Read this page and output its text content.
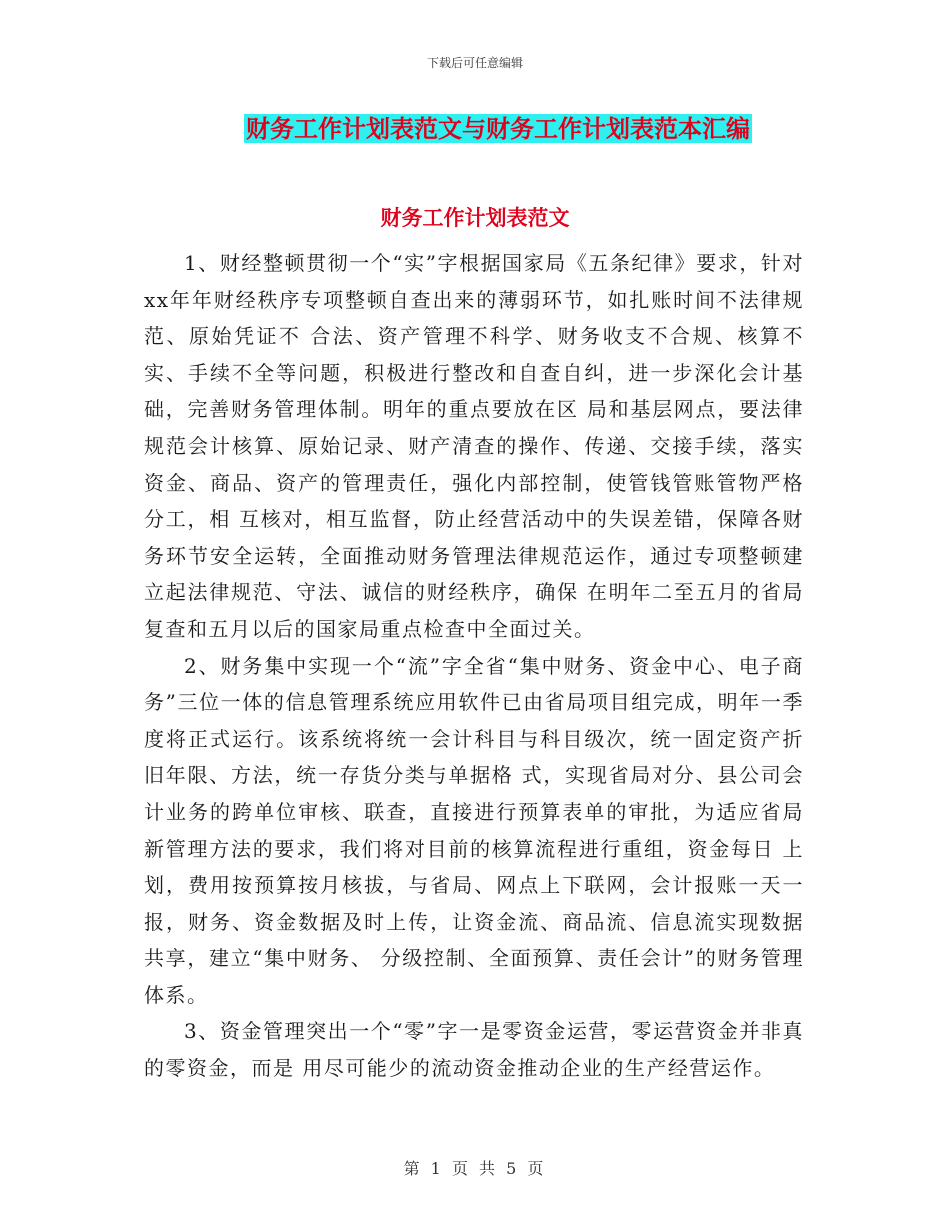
下载后可任意编辑
财务工作计划表范文与财务工作计划表范本汇编
财务工作计划表范文

1、财经整顿贯彻一个“实”字根据国家局《五条纪律》要求，针对xx年年财经秩序专项整顿自查出来的薄弱环节，如扎账时间不法律规范、原始凭证不 合法、资产管理不科学、财务收支不合规、核算不实、手续不全等问题，积极进行整改和自查自纠，进一步深化会计基础，完善财务管理体制。明年的重点要放在区 局和基层网点，要法律规范会计核算、原始记录、财产清查的操作、传递、交接手续，落实资金、商品、资产的管理责任，强化内部控制，使管钱管账管物严格分工，相 互核对，相互监督，防止经营活动中的失误差错，保障各财务环节安全运转，全面推动财务管理法律规范运作，通过专项整顿建立起法律规范、守法、诚信的财经秩序，确保 在明年二至五月的省局复查和五月以后的国家局重点检查中全面过关。

2、财务集中实现一个“流”字全省“集中财务、资金中心、电子商务”三位一体的信息管理系统应用软件已由省局项目组完成，明年一季度将正式运行。该系统将统一会计科目与科目级次，统一固定资产折旧年限、方法，统一存货分类与单据格 式，实现省局对分、县公司会计业务的跨单位审核、联查，直接进行预算表单的审批，为适应省局新管理方法的要求，我们将对目前的核算流程进行重组，资金每日 上划，费用按预算按月核拔，与省局、网点上下联网，会计报账一天一报，财务、资金数据及时上传，让资金流、商品流、信息流实现数据共享，建立“集中财务、 分级控制、全面预算、责任会计”的财务管理体系。

3、资金管理突出一个“零”字一是零资金运营，零运营资金并非真的零资金，而是 用尽可能少的流动资金推动企业的生产经营运作。

第 1 页 共 5 页
